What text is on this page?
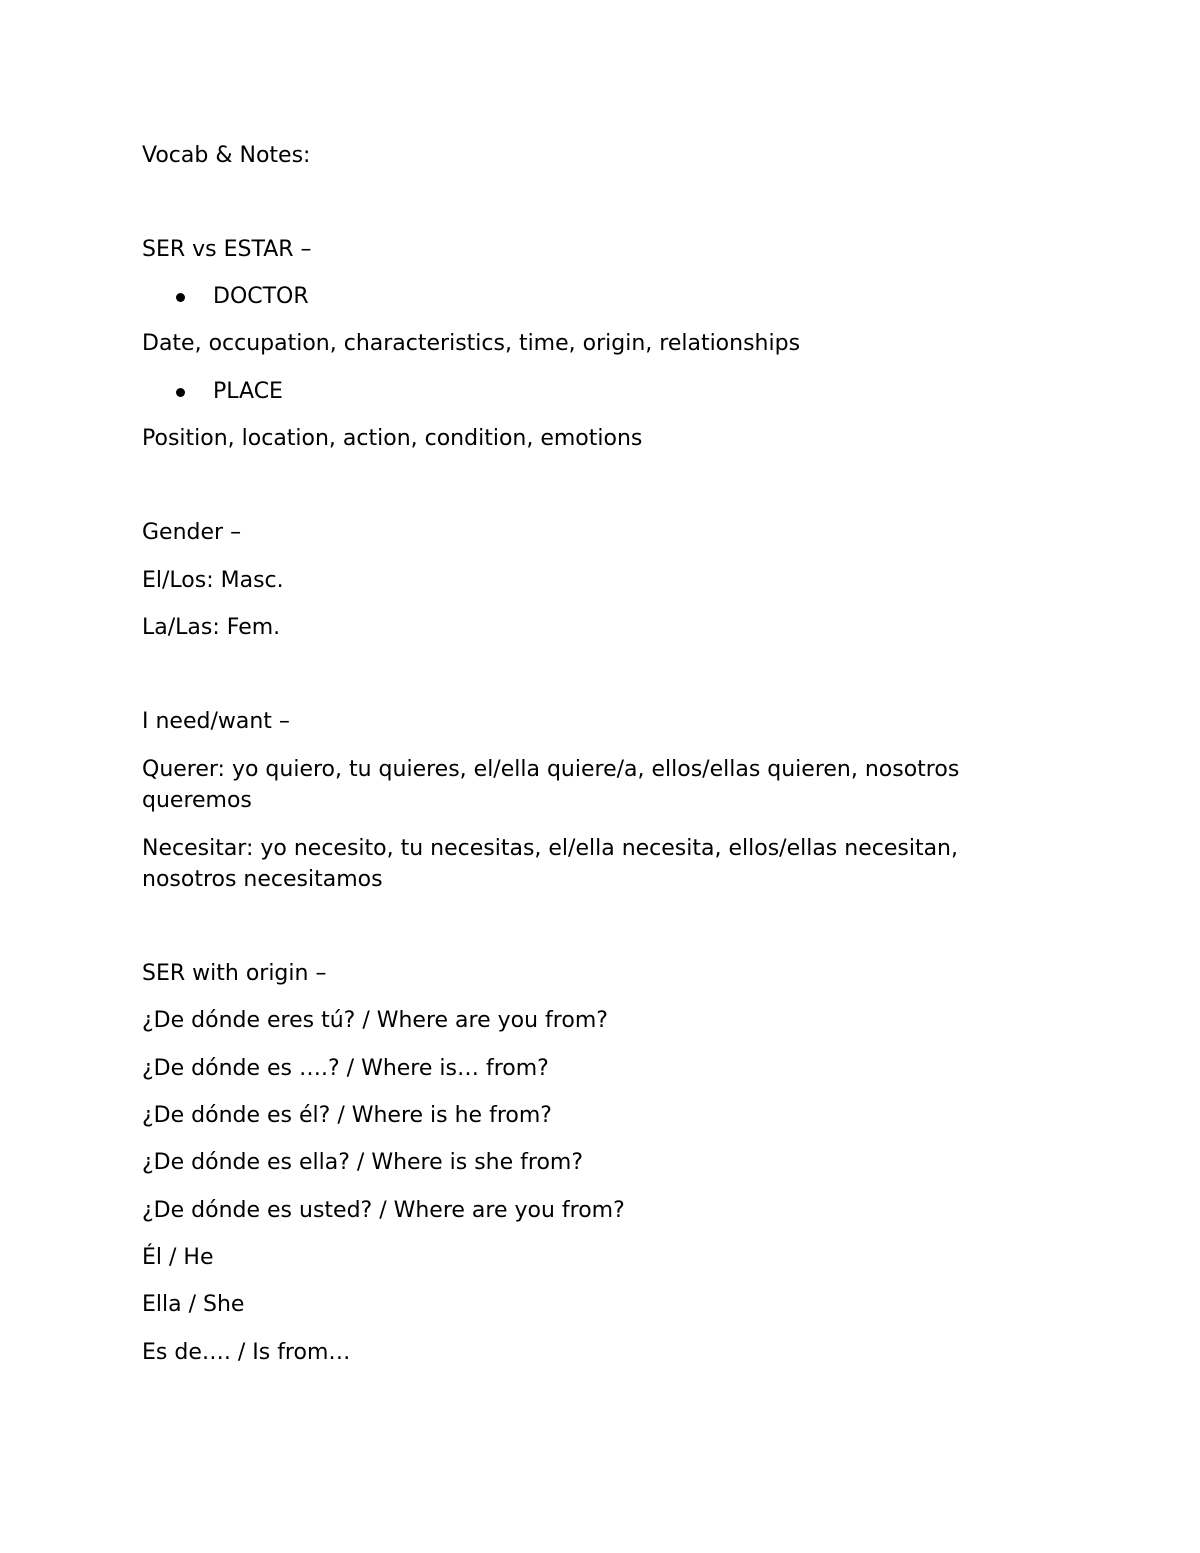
Vocab & Notes:

SER vs ESTAR –

DOCTOR

Date, occupation, characteristics, time, origin, relationships

PLACE

Position, location, action, condition, emotions

Gender –

El/Los: Masc.

La/Las: Fem.

I need/want –

Querer: yo quiero, tu quieres, el/ella quiere/a, ellos/ellas quieren, nosotros

queremos

Necesitar: yo necesito, tu necesitas, el/ella necesita, ellos/ellas necesitan,

nosotros necesitamos

SER with origin –

¿De dónde eres tú? / Where are you from?

¿De dónde es ….? / Where is… from?

¿De dónde es él? / Where is he from?

¿De dónde es ella? / Where is she from?

¿De dónde es usted? / Where are you from?

Él / He

Ella / She

Es de…. / Is from…
